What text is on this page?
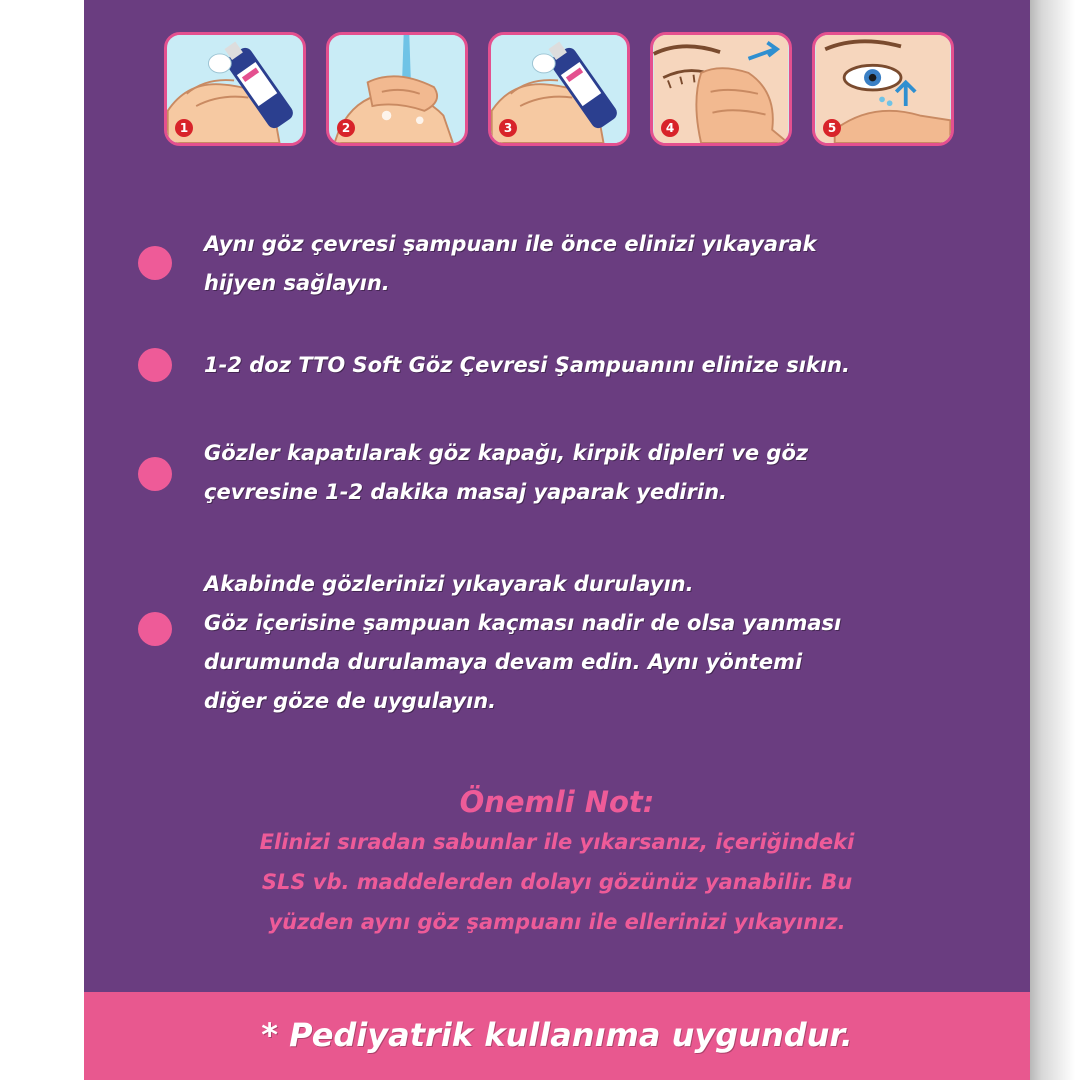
1	2	3	4	5
Aynı göz çevresi şampuanı ile önce elinizi yıkayarak
hijyen sağlayın.
1-2 doz TTO Soft Göz Çevresi Şampuanını elinize sıkın.
Gözler kapatılarak göz kapağı, kirpik dipleri ve göz
çevresine 1-2 dakika masaj yaparak yedirin.
Akabinde gözlerinizi yıkayarak durulayın.
Göz içerisine şampuan kaçması nadir de olsa yanması
durumunda durulamaya devam edin. Aynı yöntemi
diğer göze de uygulayın.
Önemli Not:
Elinizi sıradan sabunlar ile yıkarsanız, içeriğindeki
SLS vb. maddelerden dolayı gözünüz yanabilir. Bu
yüzden aynı göz şampuanı ile ellerinizi yıkayınız.
* Pediyatrik kullanıma uygundur.
